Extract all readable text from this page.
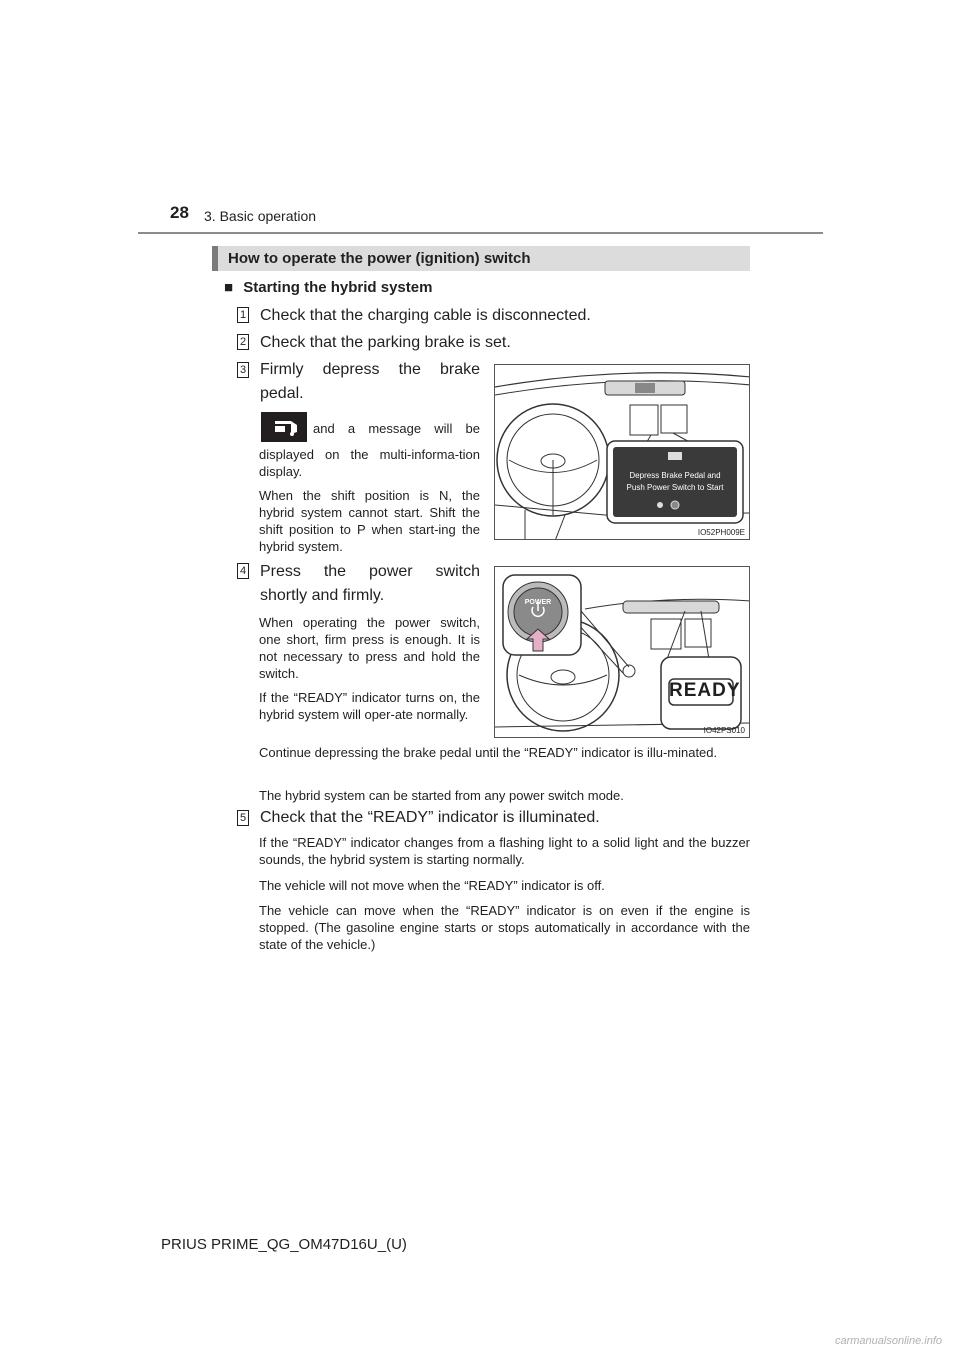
28 3. Basic operation
How to operate the power (ignition) switch
■ Starting the hybrid system
1 Check that the charging cable is disconnected.
2 Check that the parking brake is set.
3 Firmly depress the brake
pedal.
and a message will be
displayed on the multi-informa-tion display.
When the shift position is N, the hybrid system cannot start. Shift the shift position to P when start-ing the hybrid system.
Depress Brake Pedal and
Push Power Switch to Start
IO52PH009E
4 Press the power switch
shortly and firmly.
When operating the power switch, one short, firm press is enough. It is not necessary to press and hold the switch.
If the “READY” indicator turns on, the hybrid system will oper-ate normally.
Continue depressing the brake pedal until the “READY” indicator is illu-minated.
The hybrid system can be started from any power switch mode.
POWER
READY
IO42PS010
5 Check that the “READY” indicator is illuminated.
If the “READY” indicator changes from a flashing light to a solid light and the buzzer sounds, the hybrid system is starting normally.
The vehicle will not move when the “READY” indicator is off.
The vehicle can move when the “READY” indicator is on even if the engine is stopped. (The gasoline engine starts or stops automatically in accordance with the state of the vehicle.)
PRIUS PRIME_QG_OM47D16U_(U)
carmanualsonline.info
